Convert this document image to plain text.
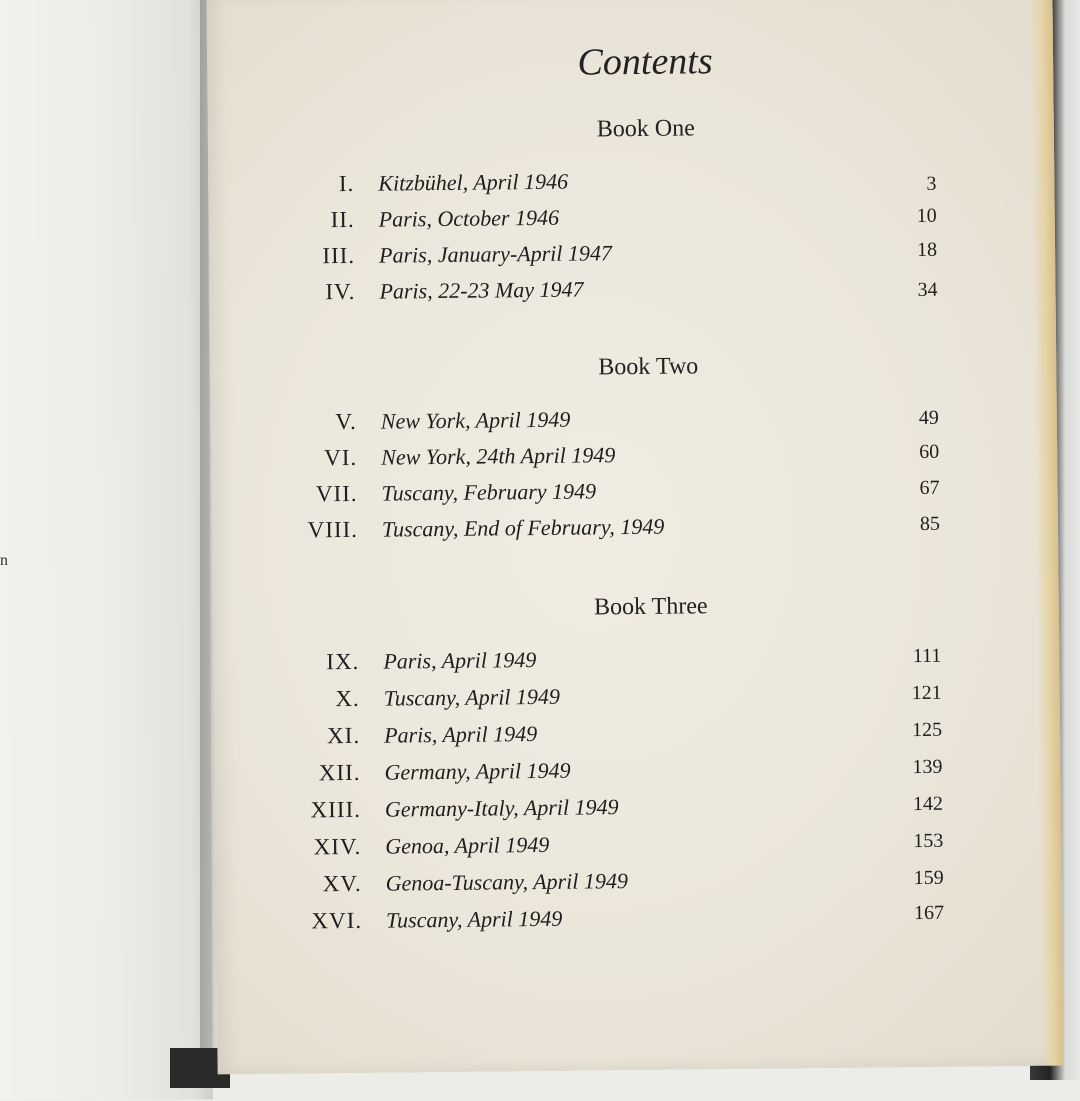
n
Contents
Book One
I. Kitzbühel, April 1946	3
II. Paris, October 1946	10
III. Paris, January-April 1947	18
IV. Paris, 22-23 May 1947	34
Book Two
V. New York, April 1949	49
VI. New York, 24th April 1949	60
VII. Tuscany, February 1949	67
VIII. Tuscany, End of February, 1949	85
Book Three
IX. Paris, April 1949	111
X. Tuscany, April 1949	121
XI. Paris, April 1949	125
XII. Germany, April 1949	139
XIII. Germany-Italy, April 1949	142
XIV. Genoa, April 1949	153
XV. Genoa-Tuscany, April 1949	159
XVI. Tuscany, April 1949	167
